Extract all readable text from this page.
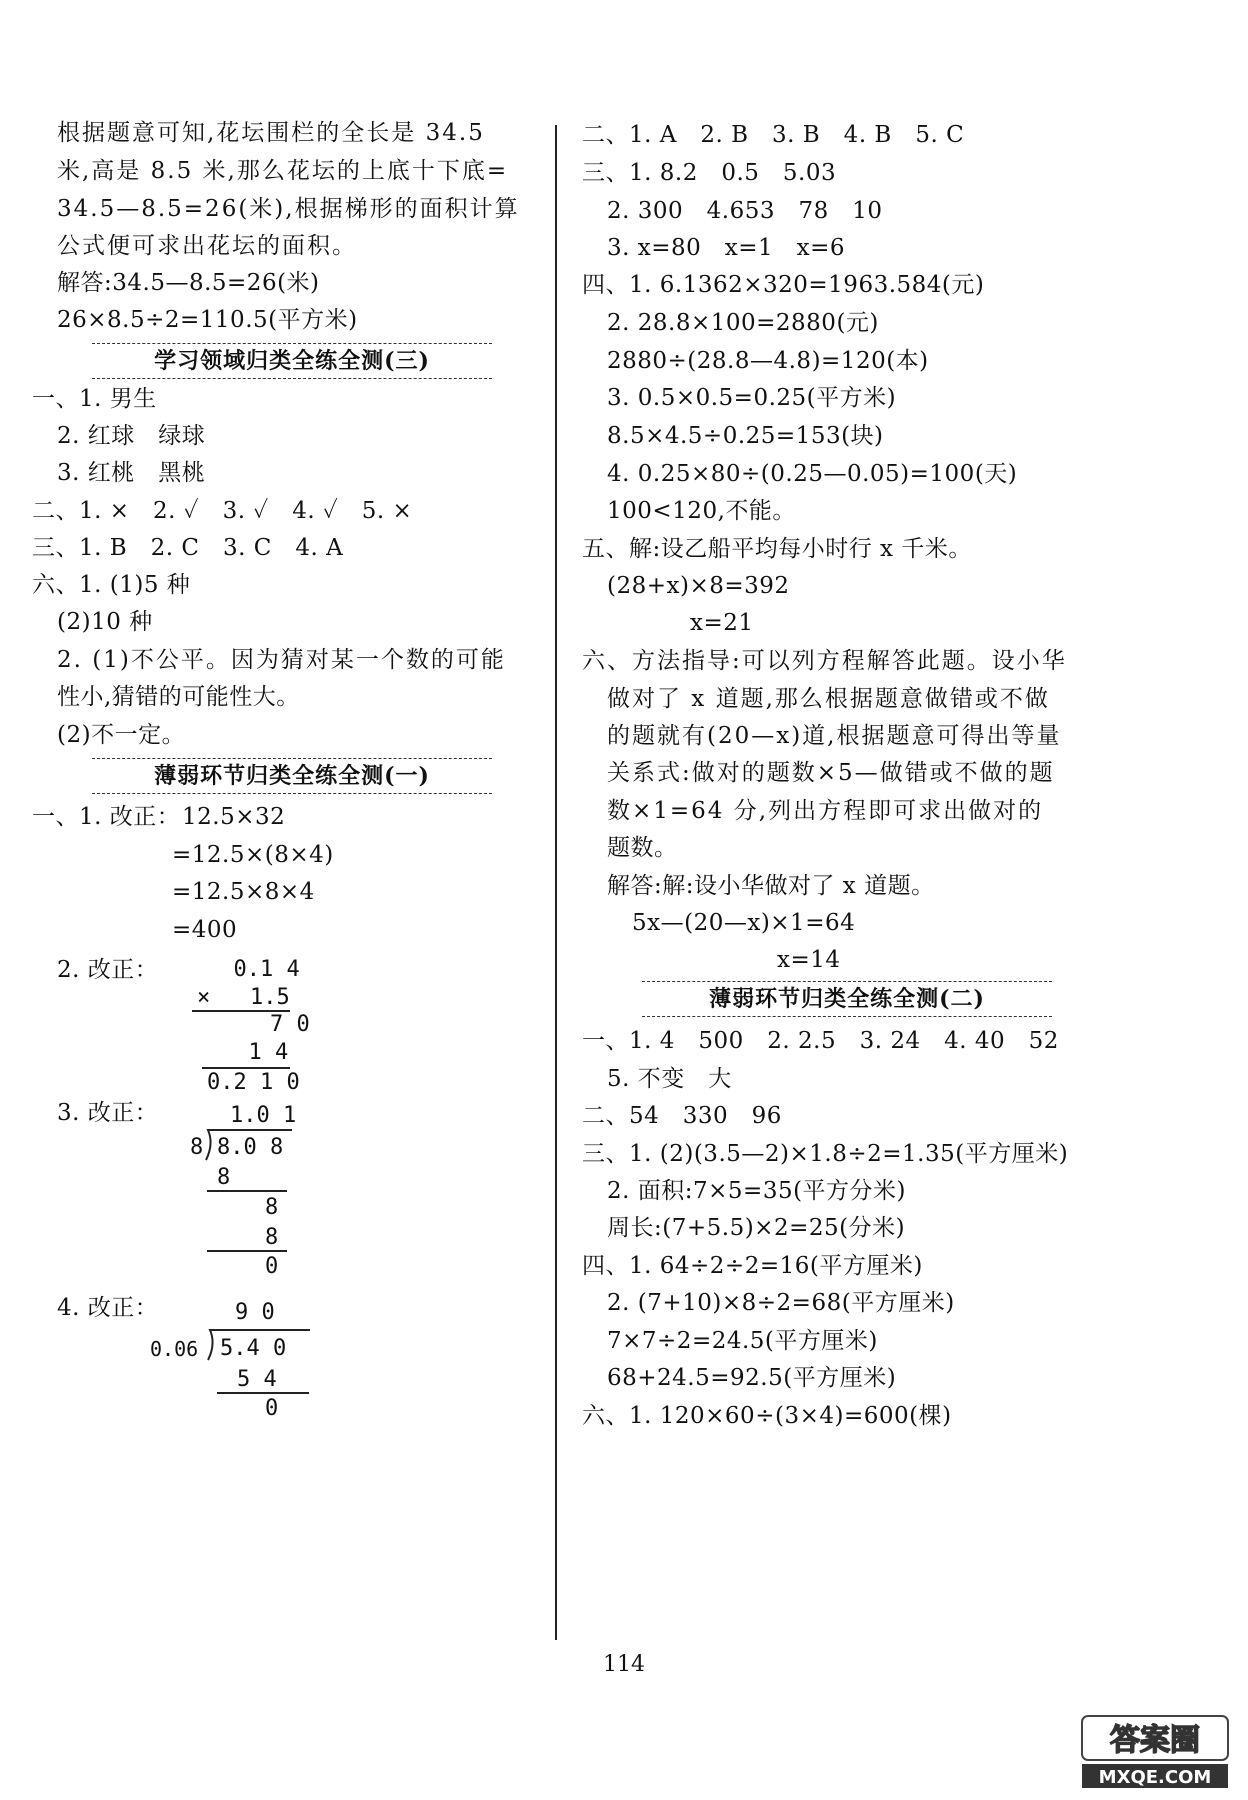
根据题意可知,花坛围栏的全长是 34.5
米,高是 8.5 米,那么花坛的上底十下底=
34.5—8.5=26(米),根据梯形的面积计算
公式便可求出花坛的面积。
解答:34.5—8.5=26(米)
26×8.5÷2=110.5(平方米)
学习领域归类全练全测(三)
一、1. 男生
2. 红球　绿球
3. 红桃　黑桃
二、1. ×　2. ✓　3. ✓　4. ✓　5. ×
三、1. B　2. C　3. C　4. A
六、1. (1)5 种
(2)10 种
2. (1)不公平。因为猜对某一个数的可能
性小,猜错的可能性大。
(2)不一定。
薄弱环节归类全练全测(一)
一、1. 改正： 12.5×32
=12.5×(8×4)
=12.5×8×4
=400
2. 改正： 0.1 4
×   1.5
7 0
1 4
0.2 1 0
3. 改正：	1.0 1
8 8.0 8
8
8
8
0
4. 改正：	9 0
0.06 5.4 0
5 4
0
二、1. A　2. B　3. B　4. B　5. C
三、1. 8.2　0.5　5.03
2. 300　4.653　78　10
3. x=80　x=1　x=6
四、1. 6.1362×320=1963.584(元)
2. 28.8×100=2880(元)
2880÷(28.8—4.8)=120(本)
3. 0.5×0.5=0.25(平方米)
8.5×4.5÷0.25=153(块)
4. 0.25×80÷(0.25—0.05)=100(天)
100<120,不能。
五、解:设乙船平均每小时行 x 千米。
(28+x)×8=392
x=21
六、方法指导:可以列方程解答此题。设小华
做对了 x 道题,那么根据题意做错或不做
的题就有(20—x)道,根据题意可得出等量
关系式:做对的题数×5—做错或不做的题
数×1=64 分,列出方程即可求出做对的
题数。
解答:解:设小华做对了 x 道题。
5x—(20—x)×1=64
x=14
薄弱环节归类全练全测(二)
一、1. 4　500　2. 2.5　3. 24　4. 40　52
5. 不变　大
二、54　330　96
三、1. (2)(3.5—2)×1.8÷2=1.35(平方厘米)
2. 面积:7×5=35(平方分米)
周长:(7+5.5)×2=25(分米)
四、1. 64÷2÷2=16(平方厘米)
2. (7+10)×8÷2=68(平方厘米)
7×7÷2=24.5(平方厘米)
68+24.5=92.5(平方厘米)
六、1. 120×60÷(3×4)=600(棵)
114
答案圈
MXQE.COM
